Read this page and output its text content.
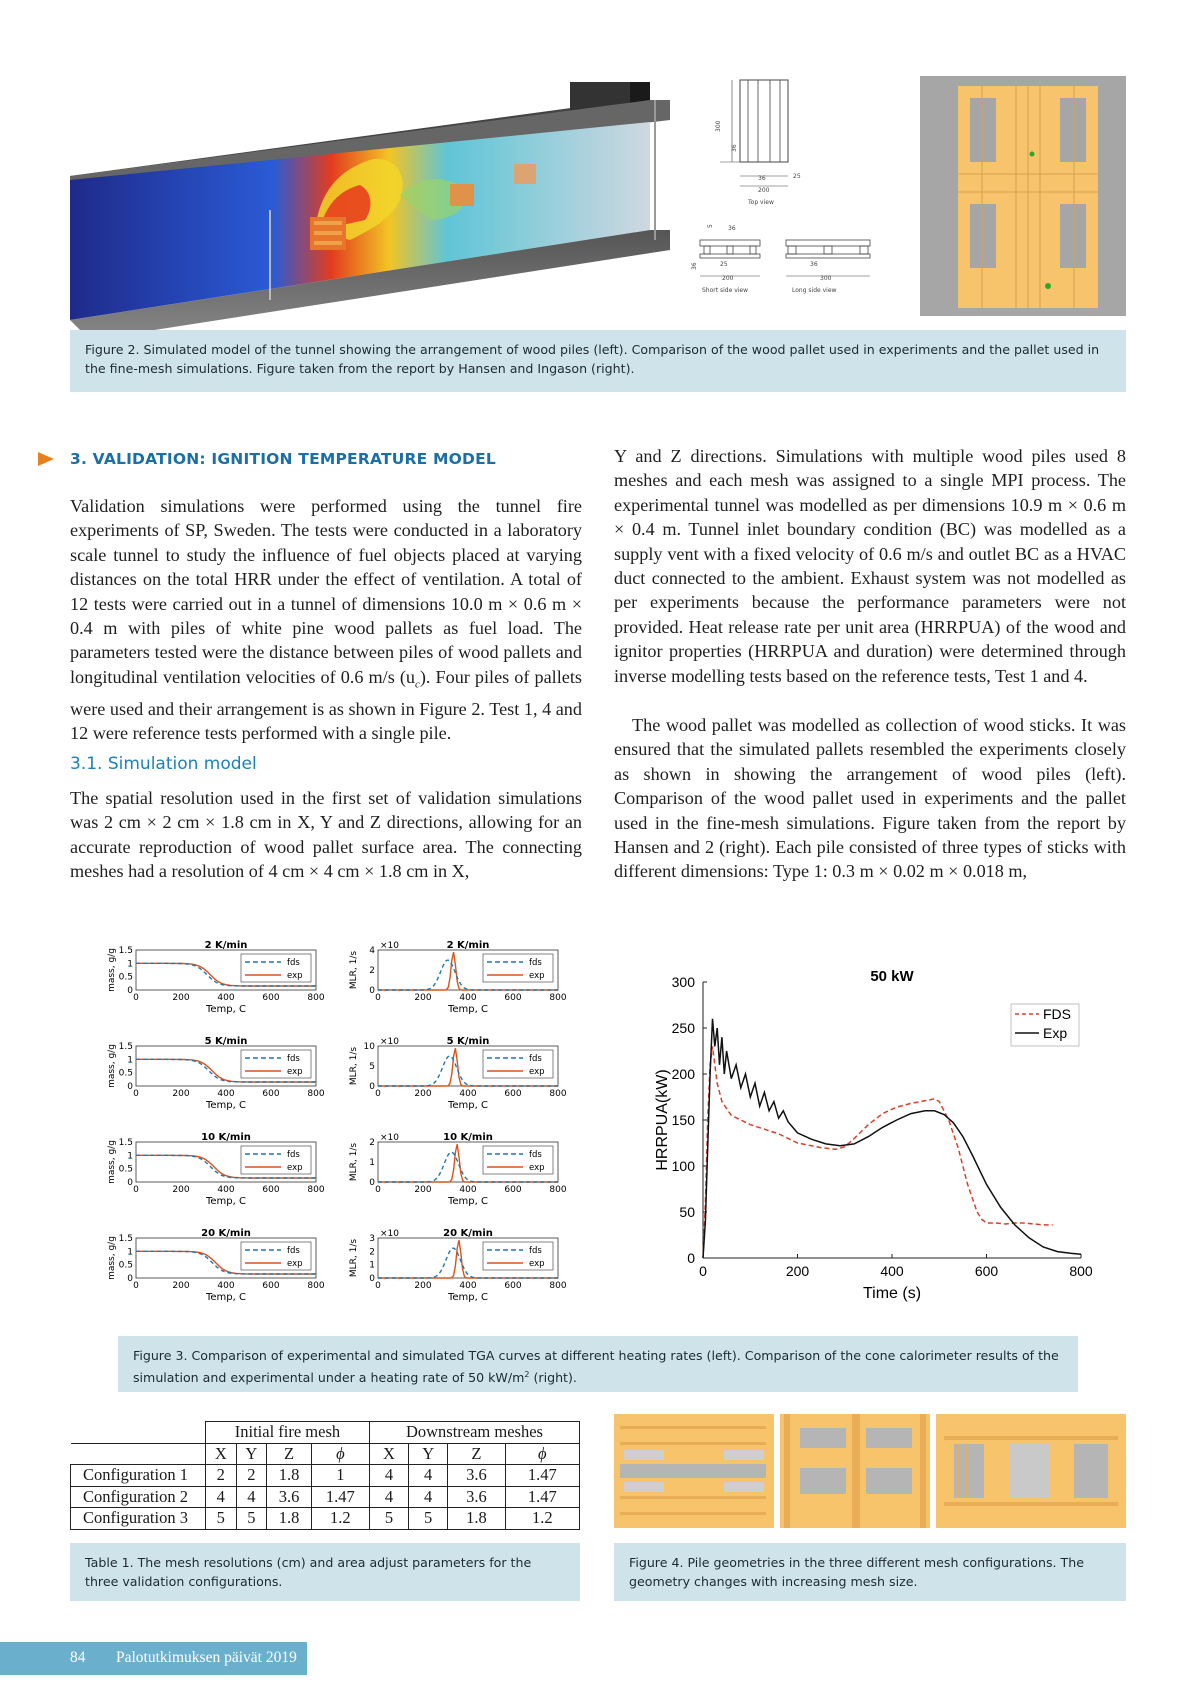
300
36
25
36
200
Top view
5 36
36	25
200
Short side view
36
300
Long side view
Figure 2. Simulated model of the tunnel showing the arrangement of wood piles (left). Comparison of the wood pallet used in experiments and the pallet used in the fine-mesh simulations. Figure taken from the report by Hansen and Ingason (right).
3. VALIDATION: IGNITION TEMPERATURE MODEL
Validation simulations were performed using the tunnel fire experiments of SP, Sweden. The tests were conducted in a laboratory scale tunnel to study the influence of fuel objects placed at varying distances on the total HRR under the effect of ventilation. A total of 12 tests were carried out in a tunnel of dimensions 10.0 m × 0.6 m × 0.4 m with piles of white pine wood pallets as fuel load. The parameters tested were the distance between piles of wood pallets and longitudinal ventilation velocities of 0.6 m/s $(u_c)$. Four piles of pallets were used and their arrangement is as shown in Figure 2. Test 1, 4 and 12 were reference tests performed with a single pile.
3.1. Simulation model
The spatial resolution used in the first set of validation simulations was 2 cm × 2 cm × 1.8 cm in X, Y and Z directions, allowing for an accurate reproduction of wood pallet surface area. The connecting meshes had a resolution of 4 cm × 4 cm × 1.8 cm in X,
Y and Z directions. Simulations with multiple wood piles used 8 meshes and each mesh was assigned to a single MPI process. The experimental tunnel was modelled as per dimensions 10.9 m × 0.6 m × 0.4 m. Tunnel inlet boundary condition (BC) was modelled as a supply vent with a fixed velocity of 0.6 m/s and outlet BC as a HVAC duct connected to the ambient. Exhaust system was not modelled as per experiments because the performance parameters were not provided. Heat release rate per unit area (HRRPUA) of the wood and ignitor properties (HRRPUA and duration) were determined through inverse modelling tests based on the reference tests, Test 1 and 4.
The wood pallet was modelled as collection of wood sticks. It was ensured that the simulated pallets resembled the experiments closely as shown in showing the arrangement of wood piles (left). Comparison of the wood pallet used in experiments and the pallet used in the fine-mesh simulations. Figure taken from the report by Hansen and 2 (right). Each pile consisted of three types of sticks with different dimensions: Type 1: 0.3 m × 0.02 m × 0.018 m,
2 K/min
0	200	400	600	800
Temp, C
0
0.5
1
1.5
mass, g/g	fds
exp
2 K/min
×10
0	200	400	600	800
Temp, C
0
2
4
MLR, 1/s	fds
exp
5 K/min
0	200	400	600	800
Temp, C
0
0.5
1
1.5
mass, g/g	fds
exp
5 K/min
×10
0	200	400	600	800
Temp, C
0
5
10
MLR, 1/s	fds
exp
10 K/min
0	200	400	600	800
Temp, C
0
0.5
1
1.5
mass, g/g	fds
exp
10 K/min
×10
0	200	400	600	800
Temp, C
0
1
2
MLR, 1/s	fds
exp
20 K/min
0	200	400	600	800
Temp, C
0
0.5
1
1.5
mass, g/g	fds
exp
20 K/min
×10
0	200	400	600	800
Temp, C
0
1
2
3
MLR, 1/s	fds
exp
50 kW
0	200	400	600	800
0
50
100
150
200
250
300
Time (s)
HRRPUA(kW)
FDS
Exp
Figure 3. Comparison of experimental and simulated TGA curves at different heating rates (left). Comparison of the cone calorimeter results of the simulation and experimental under a heating rate of 50 $kW/m^2$ (right).
	Initial fire mesh				Downstream meshes			
	X	Y	Z	ϕ	X	Y	Z	ϕ
Configuration 1	2	2	1.8	1	4	4	3.6	1.47
Configuration 2	4	4	3.6	1.47	4	4	3.6	1.47
Configuration 3	5	5	1.8	1.2	5	5	1.8	1.2
Table 1. The mesh resolutions (cm) and area adjust parameters for the three validation configurations.
Figure 4. Pile geometries in the three different mesh configurations. The geometry changes with increasing mesh size.
84 Palotutkimuksen päivät 2019
